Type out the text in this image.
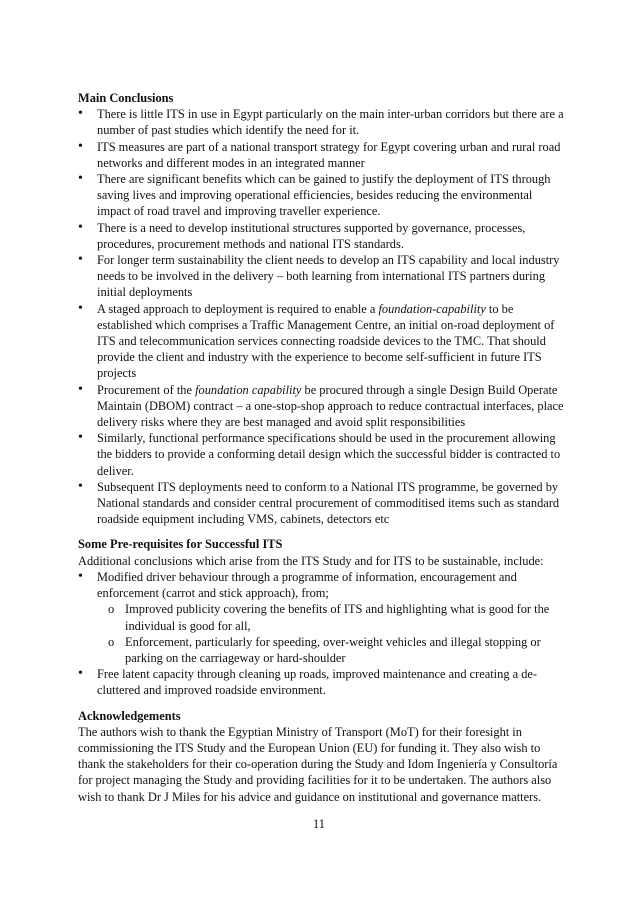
Main Conclusions
• There is little ITS in use in Egypt particularly on the main inter-urban corridors but there are a number of past studies which identify the need for it.
• ITS measures are part of a national transport strategy for Egypt covering urban and rural road networks and different modes in an integrated manner
• There are significant benefits which can be gained to justify the deployment of ITS through saving lives and improving operational efficiencies, besides reducing the environmental impact of road travel and improving traveller experience.
• There is a need to develop institutional structures supported by governance, processes, procedures, procurement methods and national ITS standards.
• For longer term sustainability the client needs to develop an ITS capability and local industry needs to be involved in the delivery – both learning from international ITS partners during initial deployments
• A staged approach to deployment is required to enable a foundation-capability to be established which comprises a Traffic Management Centre, an initial on-road deployment of ITS and telecommunication services connecting roadside devices to the TMC. That should provide the client and industry with the experience to become self-sufficient in future ITS projects
• Procurement of the foundation capability be procured through a single Design Build Operate Maintain (DBOM) contract – a one-stop-shop approach to reduce contractual interfaces, place delivery risks where they are best managed and avoid split responsibilities
• Similarly, functional performance specifications should be used in the procurement allowing the bidders to provide a conforming detail design which the successful bidder is contracted to deliver.
• Subsequent ITS deployments need to conform to a National ITS programme, be governed by National standards and consider central procurement of commoditised items such as standard roadside equipment including VMS, cabinets, detectors etc
Some Pre-requisites for Successful ITS

Additional conclusions which arise from the ITS Study and for ITS to be sustainable, include:

• Modified driver behaviour through a programme of information, encouragement and enforcement (carrot and stick approach), from;
o Improved publicity covering the benefits of ITS and highlighting what is good for the individual is good for all,
o Enforcement, particularly for speeding, over-weight vehicles and illegal stopping or parking on the carriageway or hard-shoulder
• Free latent capacity through cleaning up roads, improved maintenance and creating a de-cluttered and improved roadside environment.
Acknowledgements

The authors wish to thank the Egyptian Ministry of Transport (MoT) for their foresight in commissioning the ITS Study and the European Union (EU) for funding it. They also wish to thank the stakeholders for their co-operation during the Study and Idom Ingeniería y Consultoría for project managing the Study and providing facilities for it to be undertaken. The authors also wish to thank Dr J Miles for his advice and guidance on institutional and governance matters.

11
